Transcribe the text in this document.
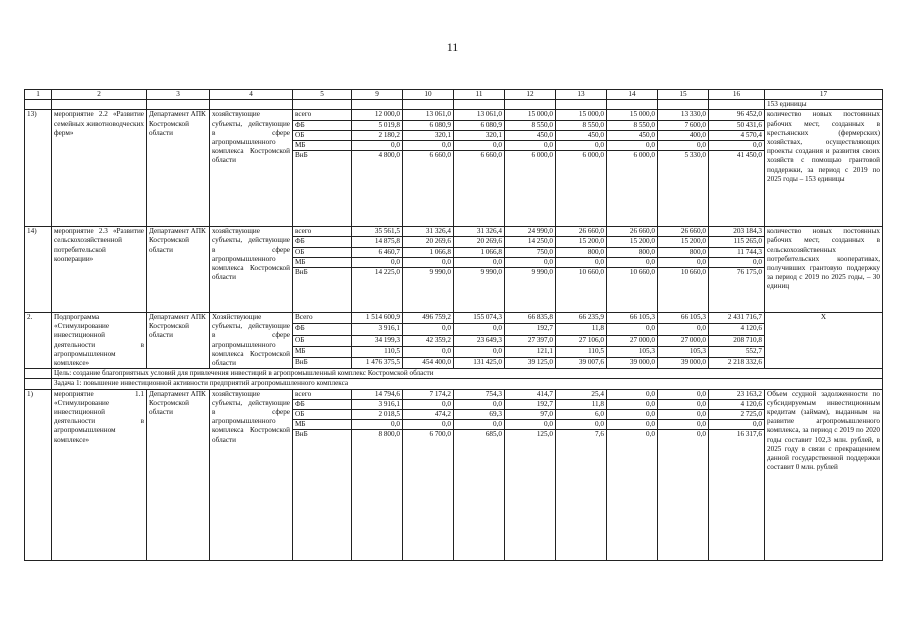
11
1	2	3	4	5	9	10	11	12	13	14	15	16	17
													153 единицы
13)	мероприятие 2.2 «Развитие семейных животноводческих ферм»	Департамент АПК Костромской области	хозяйствующие субъекты, действующие в сфере агропромышленного комплекса Костромской области	всего	12 000,0	13 061,0	13 061,0	15 000,0	15 000,0	15 000,0	13 330,0	96 452,0	количество новых постоянных рабочих мест, созданных в крестьянских (фермерских) хозяйствах, осуществляющих проекты создания и развития своих хозяйств с помощью грантовой поддержки, за период с 2019 по 2025 годы – 153 единицы
				ФБ	5 019,8	6 080,9	6 080,9	8 550,0	8 550,0	8 550,0	7 600,0	50 431,6	
				ОБ	2 180,2	320,1	320,1	450,0	450,0	450,0	400,0	4 570,4	
				МБ	0,0	0,0	0,0	0,0	0,0	0,0	0,0	0,0	
				ВнБ	4 800,0	6 660,0	6 660,0	6 000,0	6 000,0	6 000,0	5 330,0	41 450,0	
14)	мероприятие 2.3 «Развитие сельскохозяйственной потребительской кооперации»	Департамент АПК Костромской области	хозяйствующие субъекты, действующие в сфере агропромышленного комплекса Костромской области	всего	35 561,5	31 326,4	31 326,4	24 990,0	26 660,0	26 660,0	26 660,0	203 184,3	количество новых постоянных рабочих мест, созданных в сельскохозяйственных потребительских кооперативах, получивших грантовую поддержку за период с 2019 по 2025 годы, – 30 единиц
				ФБ	14 875,8	20 269,6	20 269,6	14 250,0	15 200,0	15 200,0	15 200,0	115 265,0	
				ОБ	6 460,7	1 066,8	1 066,8	750,0	800,0	800,0	800,0	11 744,3	
				МБ	0,0	0,0	0,0	0,0	0,0	0,0	0,0	0,0	
				ВнБ	14 225,0	9 990,0	9 990,0	9 990,0	10 660,0	10 660,0	10 660,0	76 175,0	
2.	Подпрограмма «Стимулирование инвестиционной деятельности в агропромышленном комплексе»	Департамент АПК Костромской области	Хозяйствующие субъекты, действующие в сфере агропромышленного комплекса Костромской области	Всего	1 514 600,9	496 759,2	155 074,3	66 835,8	66 235,9	66 105,3	66 105,3	2 431 716,7	Х
				ФБ	3 916,1	0,0	0,0	192,7	11,8	0,0	0,0	4 120,6	
				ОБ	34 199,3	42 359,2	23 649,3	27 397,0	27 106,0	27 000,0	27 000,0	208 710,8	
				МБ	110,5	0,0	0,0	121,1	110,5	105,3	105,3	552,7	
				ВнБ	1 476 375,5	454 400,0	131 425,0	39 125,0	39 007,6	39 000,0	39 000,0	2 218 332,6	
	Цель: создание благоприятных условий для привлечения инвестиций в агропромышленный комплекс Костромской области												
	Задача 1: повышение инвестиционной активности предприятий агропромышленного комплекса												
1)	мероприятие 1.1 «Стимулирование инвестиционной деятельности в агропромышленном комплексе»	Департамент АПК Костромской области	хозяйствующие субъекты, действующие в сфере агропромышленного комплекса Костромской области	всего	14 794,6	7 174,2	754,3	414,7	25,4	0,0	0,0	23 163,2	Объем ссудной задолженности по субсидируемым инвестиционным кредитам (займам), выданным на развитие агропромышленного комплекса, за период с 2019 по 2020 годы составит 102,3 млн. рублей, в 2025 году в связи с прекращением данной государственной поддержки составит 0 млн. рублей
				ФБ	3 916,1	0,0	0,0	192,7	11,8	0,0	0,0	4 120,6	
				ОБ	2 018,5	474,2	69,3	97,0	6,0	0,0	0,0	2 725,0	
				МБ	0,0	0,0	0,0	0,0	0,0	0,0	0,0	0,0	
				ВнБ	8 800,0	6 700,0	685,0	125,0	7,6	0,0	0,0	16 317,6	
